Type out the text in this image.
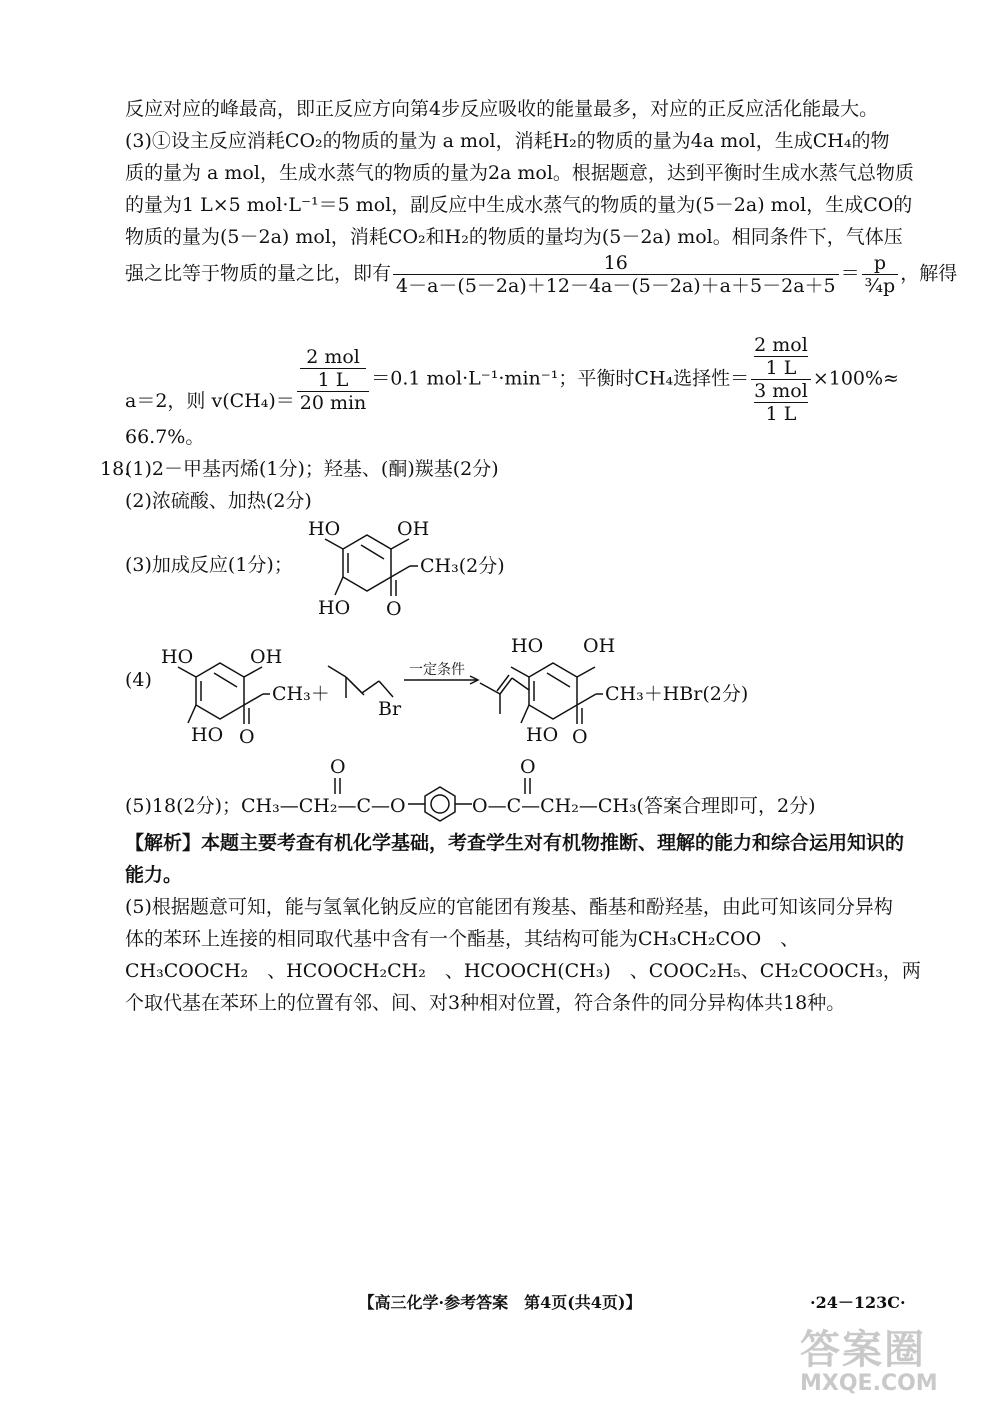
反应对应的峰最高，即正反应方向第4步反应吸收的能量最多，对应的正反应活化能最大。
(3)①设主反应消耗CO₂的物质的量为 a mol，消耗H₂的物质的量为4a mol，生成CH₄的物
质的量为 a mol，生成水蒸气的物质的量为2a mol。根据题意，达到平衡时生成水蒸气总物质
的量为1 L×5 mol·L⁻¹＝5 mol，副反应中生成水蒸气的物质的量为(5－2a) mol，生成CO的
物质的量为(5－2a) mol，消耗CO₂和H₂的物质的量均为(5－2a) mol。相同条件下，气体压
强之比等于物质的量之比，即有 $\frac{16}{4-a-(5-2a)+12-4a-(5-2a)+a+5-2a+5} = \frac{p}{\text{¾p}}$ ，解得
a＝2，则 v(CH₄)＝ 2 mol
1 L
20 min ＝0.1 mol·L⁻¹·min⁻¹；平衡时CH₄选择性＝ 2 mol
1 L
3 mol
1 L ×100%≈
66.7%。
18.
(1)2－甲基丙烯(1分)；羟基、(酮)羰基(2分)
(2)浓硫酸、加热(2分)
(3)加成反应(1分)；
(4)
(5)18(2分)；CH₃—CH₂—C—O
HO	OH
HO O
CH₃(2分)
HO	OH
HO O
CH₃＋
Br
一定条件
HO OH
HO O
CH₃＋HBr(2分)
O	O
O—C—CH₂—CH₃(答案合理即可，2分)
【解析】本题主要考查有机化学基础，考查学生对有机物推断、理解的能力和综合运用知识的
能力。
(5)根据题意可知，能与氢氧化钠反应的官能团有羧基、酯基和酚羟基，由此可知该同分异构
体的苯环上连接的相同取代基中含有一个酯基，其结构可能为CH₃CH₂COO　、
CH₃COOCH₂　、HCOOCH₂CH₂　、HCOOCH(CH₃)　、COOC₂H₅、CH₂COOCH₃，两
个取代基在苯环上的位置有邻、间、对3种相对位置，符合条件的同分异构体共18种。
【高三化学·参考答案　第4页(共4页)】	·24－123C·
答案圈
MXQE.COM
